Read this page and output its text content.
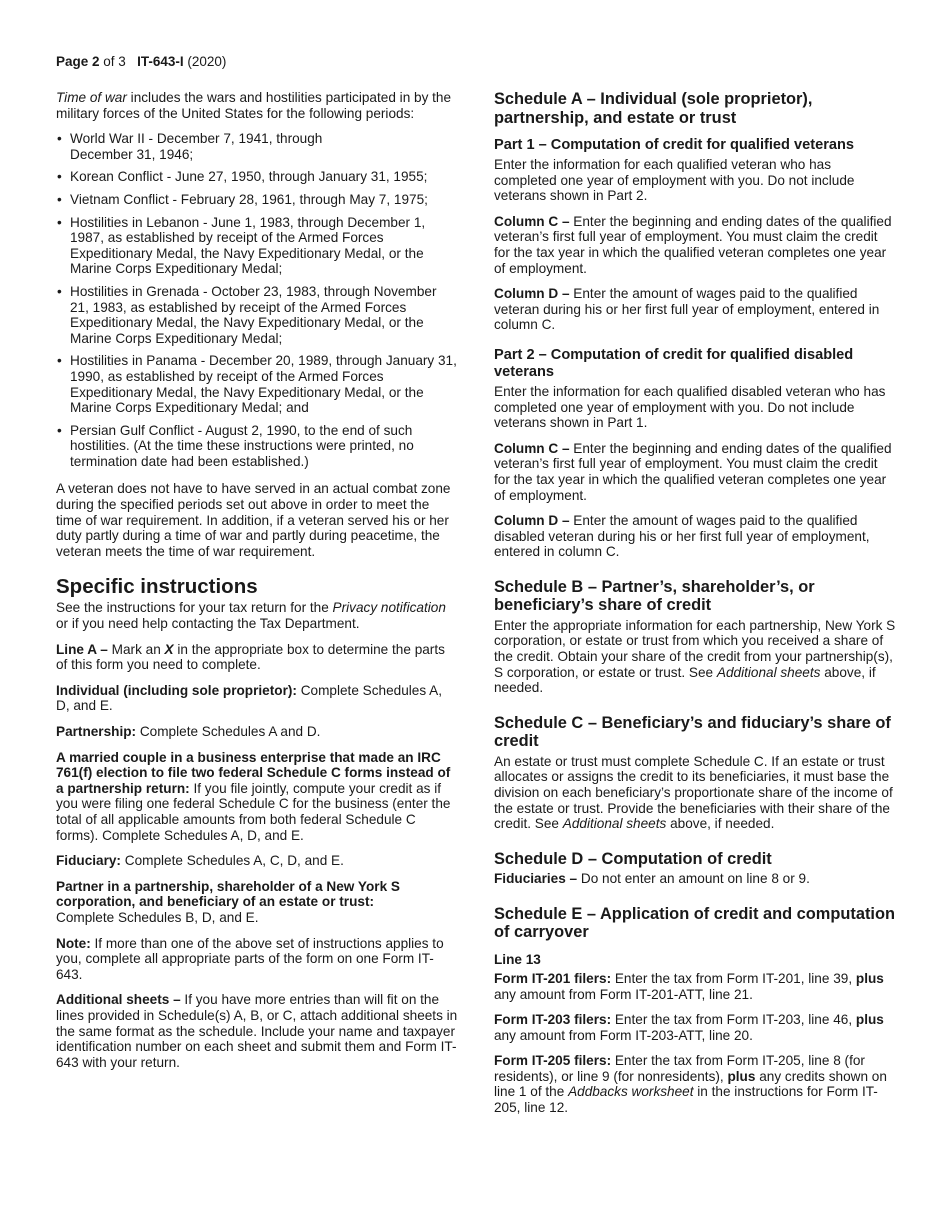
Page 2 of 3 IT-643-I (2020)

Time of war includes the wars and hostilities participated in by the military forces of the United States for the following periods:

• World War II - December 7, 1941, through December 31, 1946;
• Korean Conflict - June 27, 1950, through January 31, 1955;
• Vietnam Conflict - February 28, 1961, through May 7, 1975;
• Hostilities in Lebanon - June 1, 1983, through December 1, 1987, as established by receipt of the Armed Forces Expeditionary Medal, the Navy Expeditionary Medal, or the Marine Corps Expeditionary Medal;
• Hostilities in Grenada - October 23, 1983, through November 21, 1983, as established by receipt of the Armed Forces Expeditionary Medal, the Navy Expeditionary Medal, or the Marine Corps Expeditionary Medal;
• Hostilities in Panama - December 20, 1989, through January 31, 1990, as established by receipt of the Armed Forces Expeditionary Medal, the Navy Expeditionary Medal, or the Marine Corps Expeditionary Medal; and
• Persian Gulf Conflict - August 2, 1990, to the end of such hostilities. (At the time these instructions were printed, no termination date had been established.)

A veteran does not have to have served in an actual combat zone during the specified periods set out above in order to meet the time of war requirement. In addition, if a veteran served his or her duty partly during a time of war and partly during peacetime, the veteran meets the time of war requirement.

Specific instructions

See the instructions for your tax return for the Privacy notification or if you need help contacting the Tax Department.

Line A – Mark an X in the appropriate box to determine the parts of this form you need to complete.

Individual (including sole proprietor): Complete Schedules A, D, and E.

Partnership: Complete Schedules A and D.

A married couple in a business enterprise that made an IRC 761(f) election to file two federal Schedule C forms instead of a partnership return: If you file jointly, compute your credit as if you were filing one federal Schedule C for the business (enter the total of all applicable amounts from both federal Schedule C forms). Complete Schedules A, D, and E.

Fiduciary: Complete Schedules A, C, D, and E.

Partner in a partnership, shareholder of a New York S corporation, and beneficiary of an estate or trust: Complete Schedules B, D, and E.

Note: If more than one of the above set of instructions applies to you, complete all appropriate parts of the form on one Form IT-643.

Additional sheets – If you have more entries than will fit on the lines provided in Schedule(s) A, B, or C, attach additional sheets in the same format as the schedule. Include your name and taxpayer identification number on each sheet and submit them and Form IT-643 with your return.

Schedule A – Individual (sole proprietor), partnership, and estate or trust
Part 1 – Computation of credit for qualified veterans

Enter the information for each qualified veteran who has completed one year of employment with you. Do not include veterans shown in Part 2.

Column C – Enter the beginning and ending dates of the qualified veteran’s first full year of employment. You must claim the credit for the tax year in which the qualified veteran completes one year of employment.

Column D – Enter the amount of wages paid to the qualified veteran during his or her first full year of employment, entered in column C.

Part 2 – Computation of credit for qualified disabled veterans

Enter the information for each qualified disabled veteran who has completed one year of employment with you. Do not include veterans shown in Part 1.

Column C – Enter the beginning and ending dates of the qualified veteran’s first full year of employment. You must claim the credit for the tax year in which the qualified veteran completes one year of employment.

Column D – Enter the amount of wages paid to the qualified disabled veteran during his or her first full year of employment, entered in column C.

Schedule B – Partner’s, shareholder’s, or beneficiary’s share of credit

Enter the appropriate information for each partnership, New York S corporation, or estate or trust from which you received a share of the credit. Obtain your share of the credit from your partnership(s), S corporation, or estate or trust. See Additional sheets above, if needed.

Schedule C – Beneficiary’s and fiduciary’s share of credit

An estate or trust must complete Schedule C. If an estate or trust allocates or assigns the credit to its beneficiaries, it must base the division on each beneficiary’s proportionate share of the income of the estate or trust. Provide the beneficiaries with their share of the credit. See Additional sheets above, if needed.

Schedule D – Computation of credit

Fiduciaries – Do not enter an amount on line 8 or 9.

Schedule E – Application of credit and computation of carryover
Line 13

Form IT-201 filers: Enter the tax from Form IT-201, line 39, plus any amount from Form IT-201-ATT, line 21.

Form IT-203 filers: Enter the tax from Form IT-203, line 46, plus any amount from Form IT-203-ATT, line 20.

Form IT-205 filers: Enter the tax from Form IT-205, line 8 (for residents), or line 9 (for nonresidents), plus any credits shown on line 1 of the Addbacks worksheet in the instructions for Form IT-205, line 12.
